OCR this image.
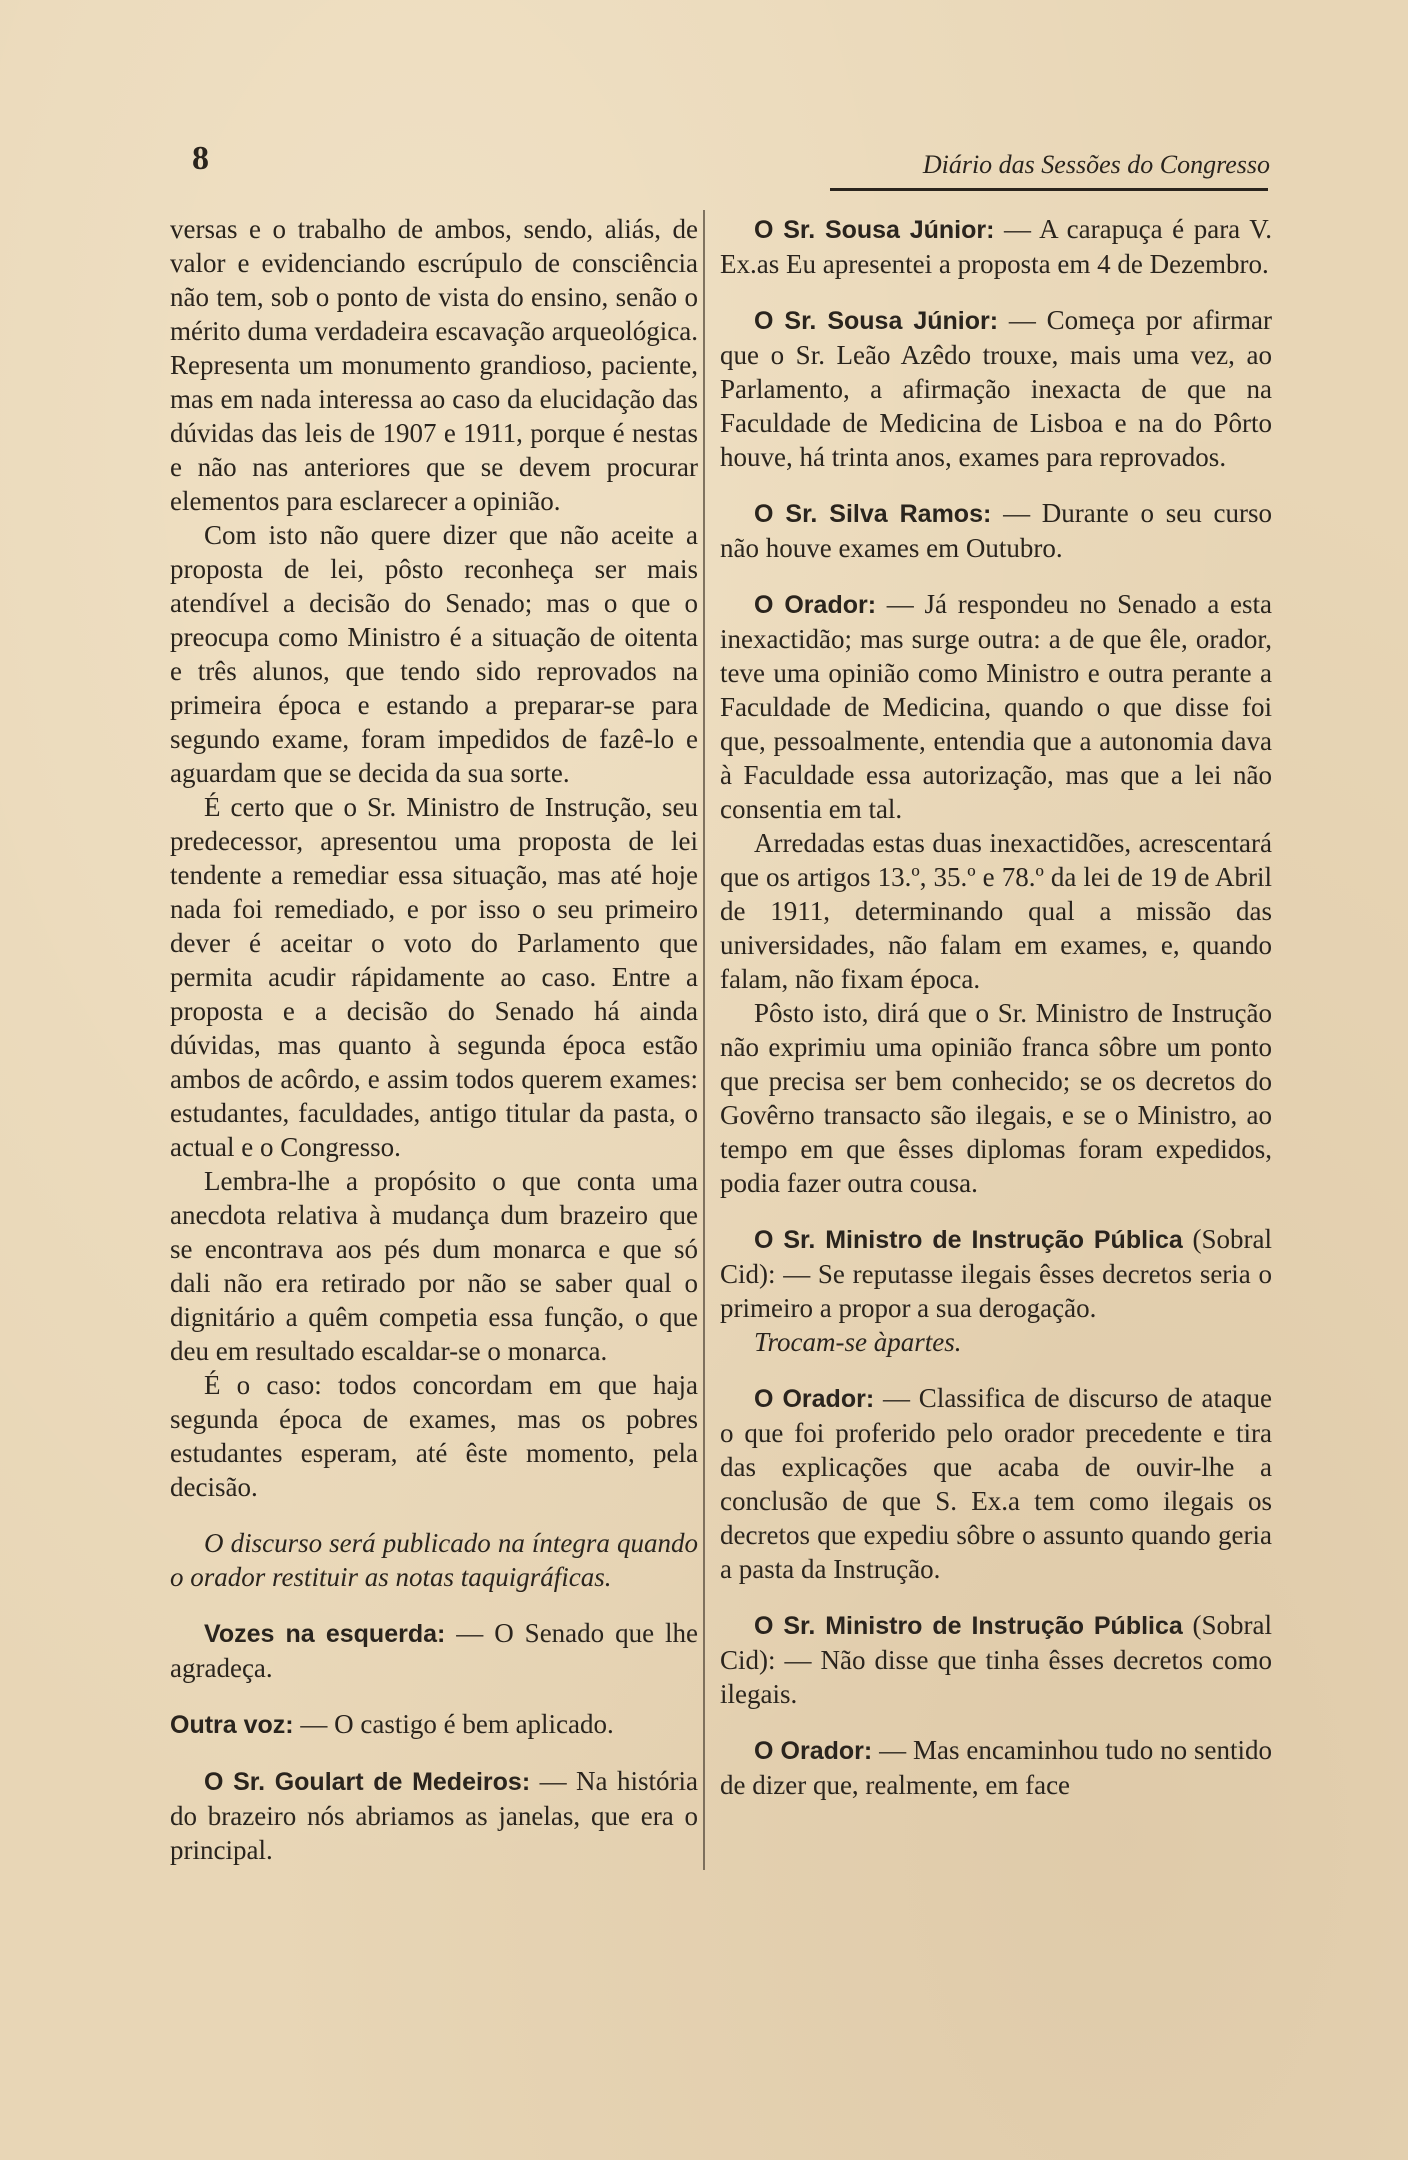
8	Diário das Sessões do Congresso

versas e o trabalho de ambos, sendo, aliás, de valor e evidenciando escrúpulo de consciência não tem, sob o ponto de vista do ensino, senão o mérito duma verdadeira escavação arqueológica. Representa um monumento grandioso, paciente, mas em nada interessa ao caso da elucidação das dúvidas das leis de 1907 e 1911, porque é nestas e não nas anteriores que se devem procurar elementos para esclarecer a opinião.

Com isto não quere dizer que não aceite a proposta de lei, pôsto reconheça ser mais atendível a decisão do Senado; mas o que o preocupa como Ministro é a situação de oitenta e três alunos, que tendo sido reprovados na primeira época e estando a preparar-se para segundo exame, foram impedidos de fazê-lo e aguardam que se decida da sua sorte.

É certo que o Sr. Ministro de Instrução, seu predecessor, apresentou uma proposta de lei tendente a remediar essa situação, mas até hoje nada foi remediado, e por isso o seu primeiro dever é aceitar o voto do Parlamento que permita acudir rápidamente ao caso. Entre a proposta e a decisão do Senado há ainda dúvidas, mas quanto à segunda época estão ambos de acôrdo, e assim todos querem exames: estudantes, faculdades, antigo titular da pasta, o actual e o Congresso.

Lembra-lhe a propósito o que conta uma anecdota relativa à mudança dum brazeiro que se encontrava aos pés dum monarca e que só dali não era retirado por não se saber qual o dignitário a quêm competia essa função, o que deu em resultado escaldar-se o monarca.

É o caso: todos concordam em que haja segunda época de exames, mas os pobres estudantes esperam, até êste momento, pela decisão.

O discurso será publicado na íntegra quando o orador restituir as notas taquigráficas.

Vozes na esquerda: — O Senado que lhe agradeça.

Outra voz: — O castigo é bem aplicado.

O Sr. Goulart de Medeiros: — Na história do brazeiro nós abriamos as janelas, que era o principal.

O Sr. Sousa Júnior: — A carapuça é para V. Ex.as Eu apresentei a proposta em 4 de Dezembro.

O Sr. Sousa Júnior: — Começa por afirmar que o Sr. Leão Azêdo trouxe, mais uma vez, ao Parlamento, a afirmação inexacta de que na Faculdade de Medicina de Lisboa e na do Pôrto houve, há trinta anos, exames para reprovados.

O Sr. Silva Ramos: — Durante o seu curso não houve exames em Outubro.

O Orador: — Já respondeu no Senado a esta inexactidão; mas surge outra: a de que êle, orador, teve uma opinião como Ministro e outra perante a Faculdade de Medicina, quando o que disse foi que, pessoalmente, entendia que a autonomia dava à Faculdade essa autorização, mas que a lei não consentia em tal.

Arredadas estas duas inexactidões, acrescentará que os artigos 13.º, 35.º e 78.º da lei de 19 de Abril de 1911, determinando qual a missão das universidades, não falam em exames, e, quando falam, não fixam época.

Pôsto isto, dirá que o Sr. Ministro de Instrução não exprimiu uma opinião franca sôbre um ponto que precisa ser bem conhecido; se os decretos do Govêrno transacto são ilegais, e se o Ministro, ao tempo em que êsses diplomas foram expedidos, podia fazer outra cousa.

O Sr. Ministro de Instrução Pública (Sobral Cid): — Se reputasse ilegais êsses decretos seria o primeiro a propor a sua derogação.

Trocam-se àpartes.

O Orador: — Classifica de discurso de ataque o que foi proferido pelo orador precedente e tira das explicações que acaba de ouvir-lhe a conclusão de que S. Ex.a tem como ilegais os decretos que expediu sôbre o assunto quando geria a pasta da Instrução.

O Sr. Ministro de Instrução Pública (Sobral Cid): — Não disse que tinha êsses decretos como ilegais.

O Orador: — Mas encaminhou tudo no sentido de dizer que, realmente, em face
